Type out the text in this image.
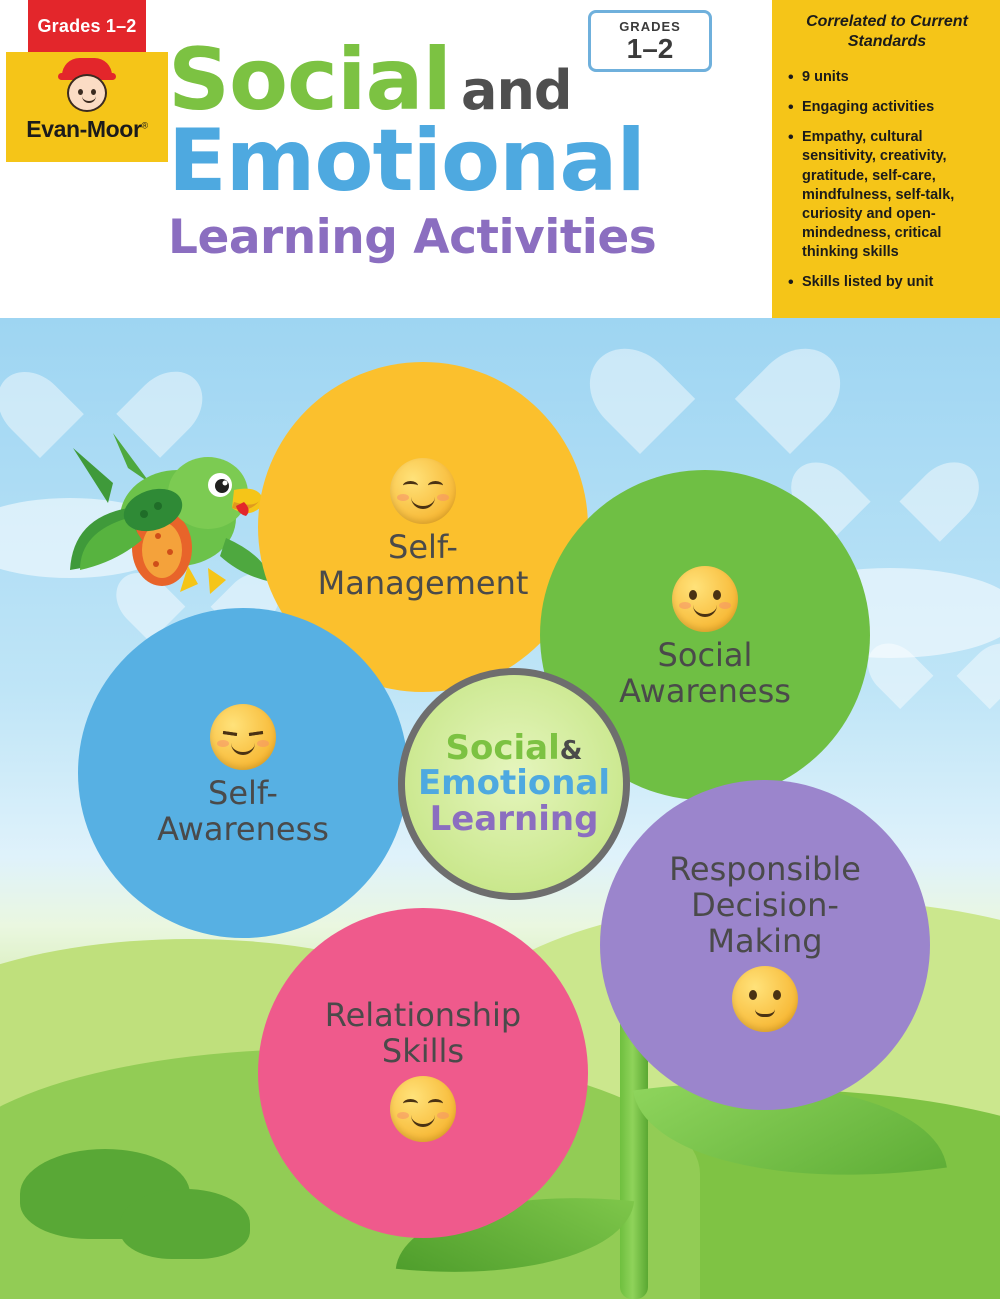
Grades 1–2
Evan-Moor® Social and
Emotional
Learning Activities
GRADES
1–2
Correlated to Current Standards
• 9 units
• Engaging activities
• Empathy, cultural sensitivity, creativity, gratitude, self-care, mindfulness, self-talk, curiosity and open-mindedness, critical thinking skills
• Skills listed by unit
Self-
Management
Social
Awareness
Self-
Awareness
Responsible
Decision-
Making
Relationship
Skills
Social&
Emotional
Learning
